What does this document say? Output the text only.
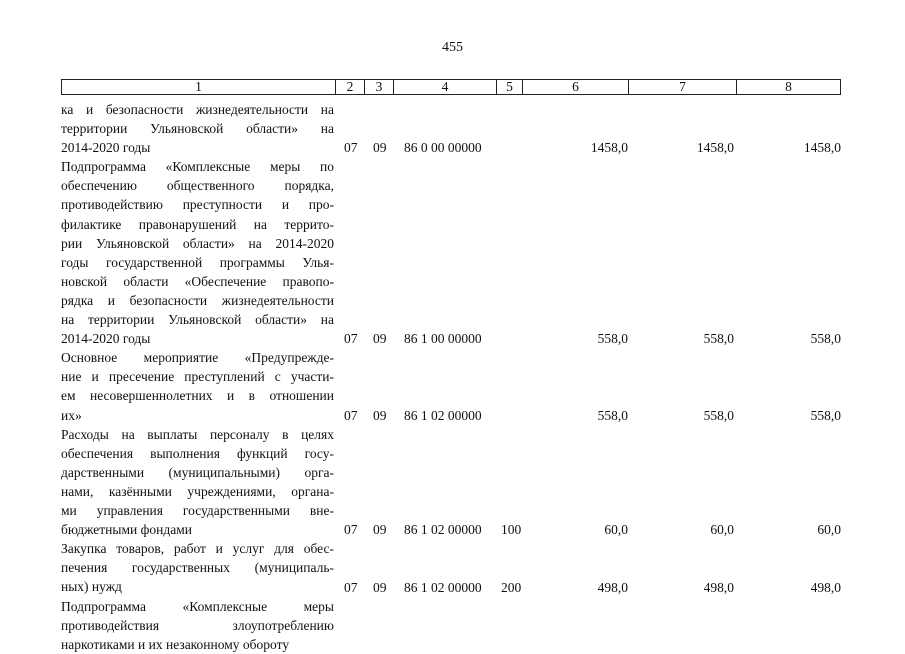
455
1	2	3	4	5	6	7	8
ка и безопасности жизнедеятельности на
территории Ульяновской области» на
2014-2020 годы	07 09 86 0 00 00000	1458,0	1458,0	1458,0
Подпрограмма «Комплексные меры по
обеспечению общественного порядка,
противодействию преступности и про-
филактике правонарушений на террито-
рии Ульяновской области» на 2014-2020
годы государственной программы Улья-
новской области «Обеспечение правопо-
рядка и безопасности жизнедеятельности
на территории Ульяновской области» на
2014-2020 годы	07 09 86 1 00 00000	558,0	558,0	558,0
Основное мероприятие «Предупрежде-
ние и пресечение преступлений с участи-
ем несовершеннолетних и в отношении
их»	07 09 86 1 02 00000	558,0	558,0	558,0
Расходы на выплаты персоналу в целях
обеспечения выполнения функций госу-
дарственными (муниципальными) орга-
нами, казёнными учреждениями, органа-
ми управления государственными вне-
бюджетными фондами	07 09 86 1 02 00000 100	60,0	60,0	60,0
Закупка товаров, работ и услуг для обес-
печения государственных (муниципаль-
ных) нужд	07 09 86 1 02 00000 200	498,0	498,0	498,0
Подпрограмма «Комплексные меры
противодействия злоупотреблению
наркотиками и их незаконному обороту
